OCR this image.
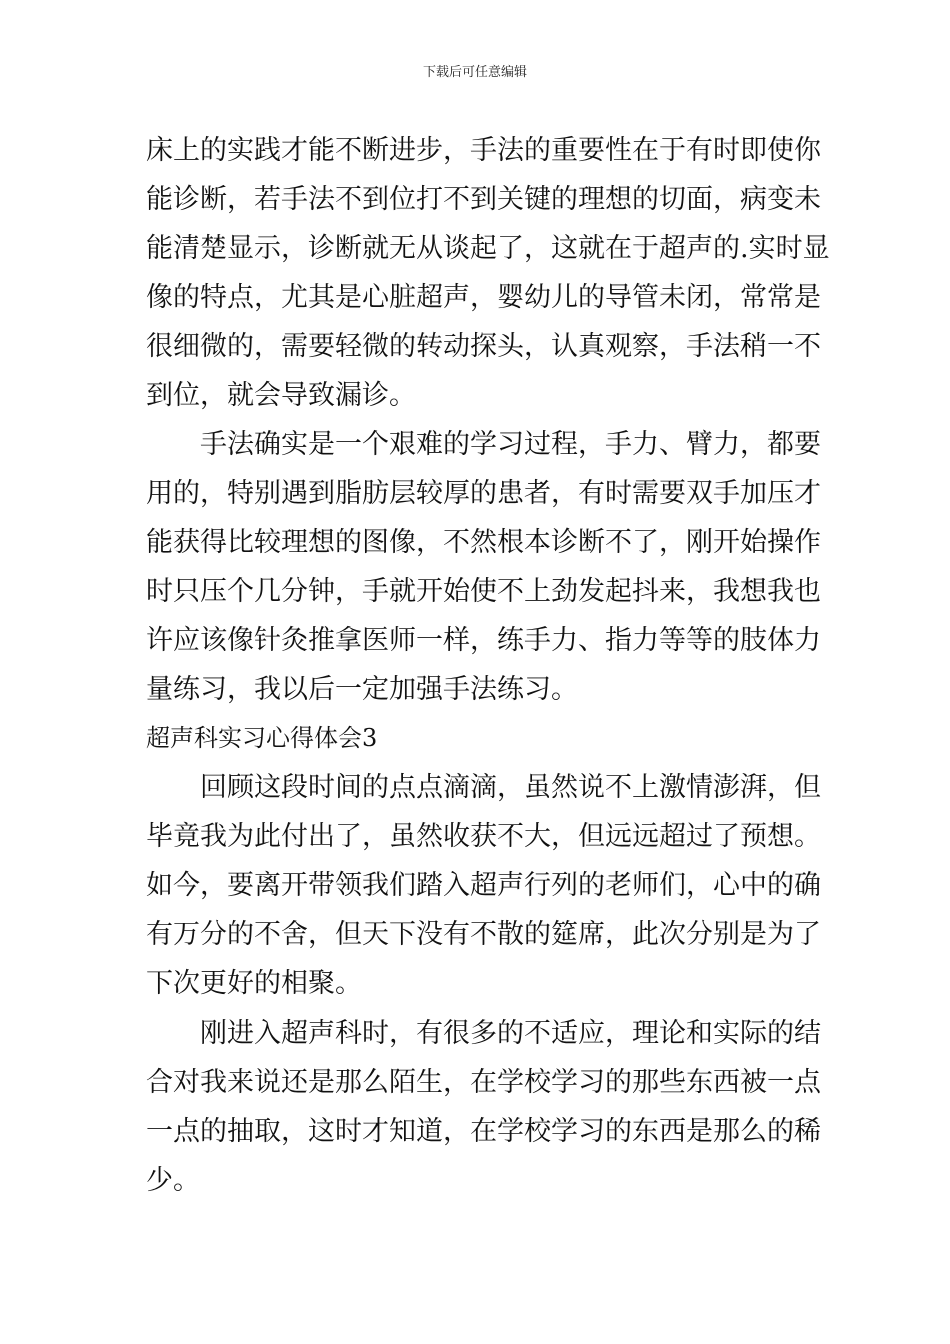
下载后可任意编辑
床上的实践才能不断进步，手法的重要性在于有时即使你
能诊断，若手法不到位打不到关键的理想的切面，病变未
能清楚显示，诊断就无从谈起了，这就在于超声的.实时显
像的特点，尤其是心脏超声，婴幼儿的导管未闭，常常是
很细微的，需要轻微的转动探头，认真观察，手法稍一不
到位，就会导致漏诊。
手法确实是一个艰难的学习过程，手力、臂力，都要
用的，特别遇到脂肪层较厚的患者，有时需要双手加压才
能获得比较理想的图像，不然根本诊断不了，刚开始操作
时只压个几分钟，手就开始使不上劲发起抖来，我想我也
许应该像针灸推拿医师一样，练手力、指力等等的肢体力
量练习，我以后一定加强手法练习。
超声科实习心得体会3
回顾这段时间的点点滴滴，虽然说不上激情澎湃，但
毕竟我为此付出了，虽然收获不大，但远远超过了预想。
如今，要离开带领我们踏入超声行列的老师们，心中的确
有万分的不舍，但天下没有不散的筵席，此次分别是为了
下次更好的相聚。
刚进入超声科时，有很多的不适应，理论和实际的结
合对我来说还是那么陌生，在学校学习的那些东西被一点
一点的抽取，这时才知道，在学校学习的东西是那么的稀
少。
